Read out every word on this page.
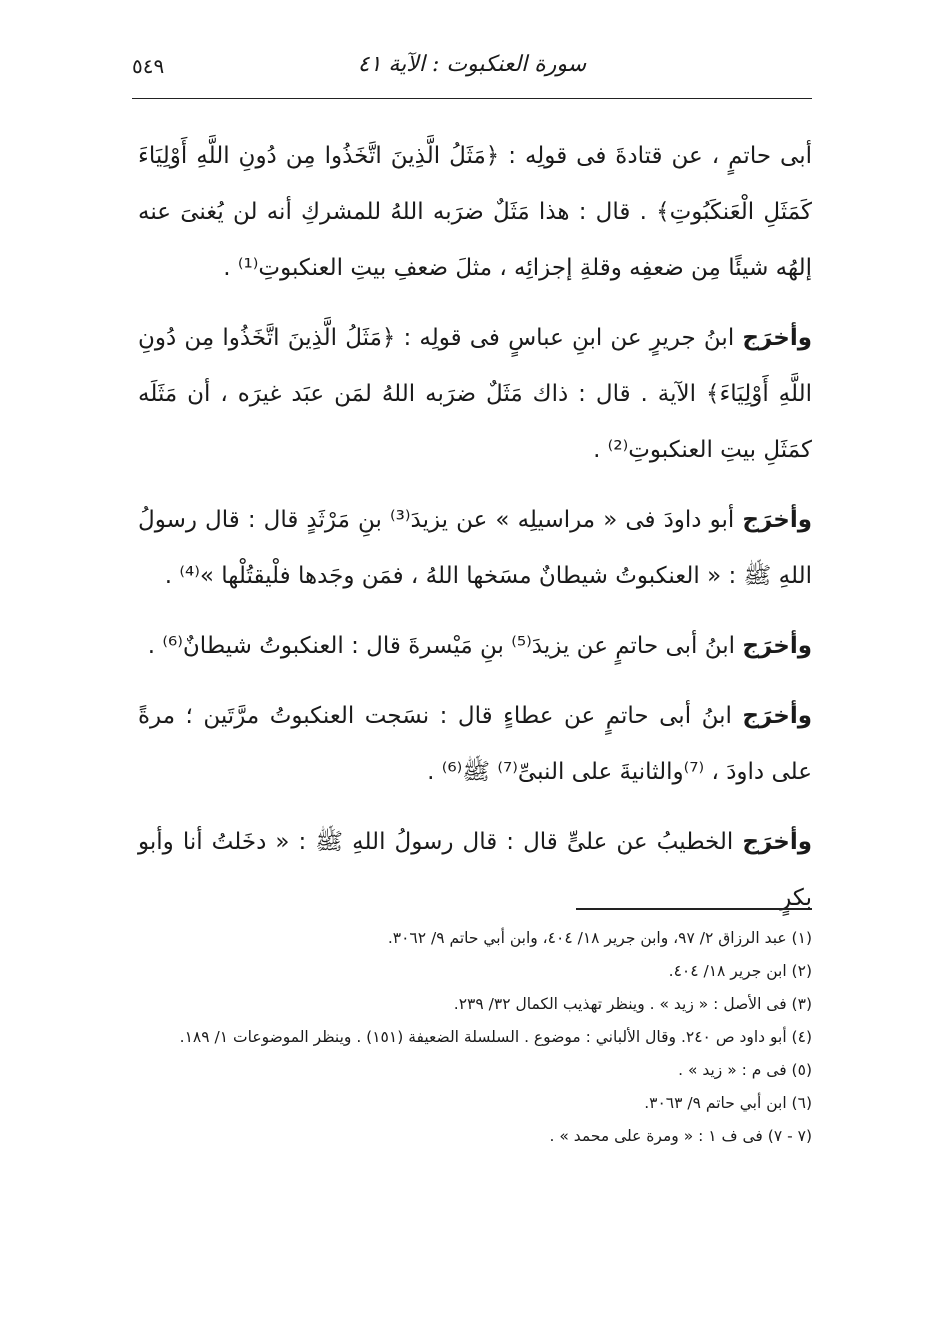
سورة العنكبوت : الآية ٤١
٥٤٩

أبى حاتمٍ ، عن قتادةَ فى قولِه : ﴿مَثَلُ الَّذِينَ اتَّخَذُوا مِن دُونِ اللَّهِ أَوْلِيَاءَ كَمَثَلِ الْعَنكَبُوتِ﴾ . قال : هذا مَثَلٌ ضرَبه اللهُ للمشركِ أنه لن يُغنىَ عنه إلهُه شيئًا مِن ضعفِه وقلةِ إجزائِه ، مثلَ ضعفِ بيتِ العنكبوتِ⁽¹⁾ .

وأخرَج ابنُ جريرٍ عن ابنِ عباسٍ فى قولِه : ﴿مَثَلُ الَّذِينَ اتَّخَذُوا مِن دُونِ اللَّهِ أَوْلِيَاءَ﴾ الآية . قال : ذاك مَثَلٌ ضرَبه اللهُ لمَن عبَد غيرَه ، أن مَثَلَه كمَثَلِ بيتِ العنكبوتِ⁽²⁾ .

وأخرَج أبو داودَ فى « مراسيلِه » عن يزيدَ⁽³⁾ بنِ مَرْثَدٍ قال : قال رسولُ اللهِ ﷺ : « العنكبوتُ شيطانٌ مسَخها اللهُ ، فمَن وجَدها فلْيقتُلْها »⁽⁴⁾ .

وأخرَج ابنُ أبى حاتمٍ عن يزيدَ⁽⁵⁾ بنِ مَيْسرةَ قال : العنكبوتُ شيطانٌ⁽⁶⁾ .

وأخرَج ابنُ أبى حاتمٍ عن عطاءٍ قال : نسَجت العنكبوتُ مرَّتَين ؛ مرةً على داودَ ، ⁽⁷⁾والثانيةَ على النبىِّ⁽⁷⁾ ﷺ⁽⁶⁾ .

وأخرَج الخطيبُ عن علىٍّ قال : قال رسولُ اللهِ ﷺ : « دخَلتُ أنا وأبو بكرٍ

(١) عبد الرزاق ٢/ ٩٧، وابن جرير ١٨/ ٤٠٤، وابن أبي حاتم ٩/ ٣٠٦٢.

(٢) ابن جرير ١٨/ ٤٠٤.

(٣) فى الأصل : « زيد » . وينظر تهذيب الكمال ٣٢/ ٢٣٩.

(٤) أبو داود ص ٢٤٠. وقال الألباني : موضوع . السلسلة الضعيفة (١٥١) . وينظر الموضوعات ١/ ١٨٩.

(٥) فى م : « زيد » .

(٦) ابن أبي حاتم ٩/ ٣٠٦٣.

(٧ - ٧) فى ف ١ : « ومرة على محمد » .
